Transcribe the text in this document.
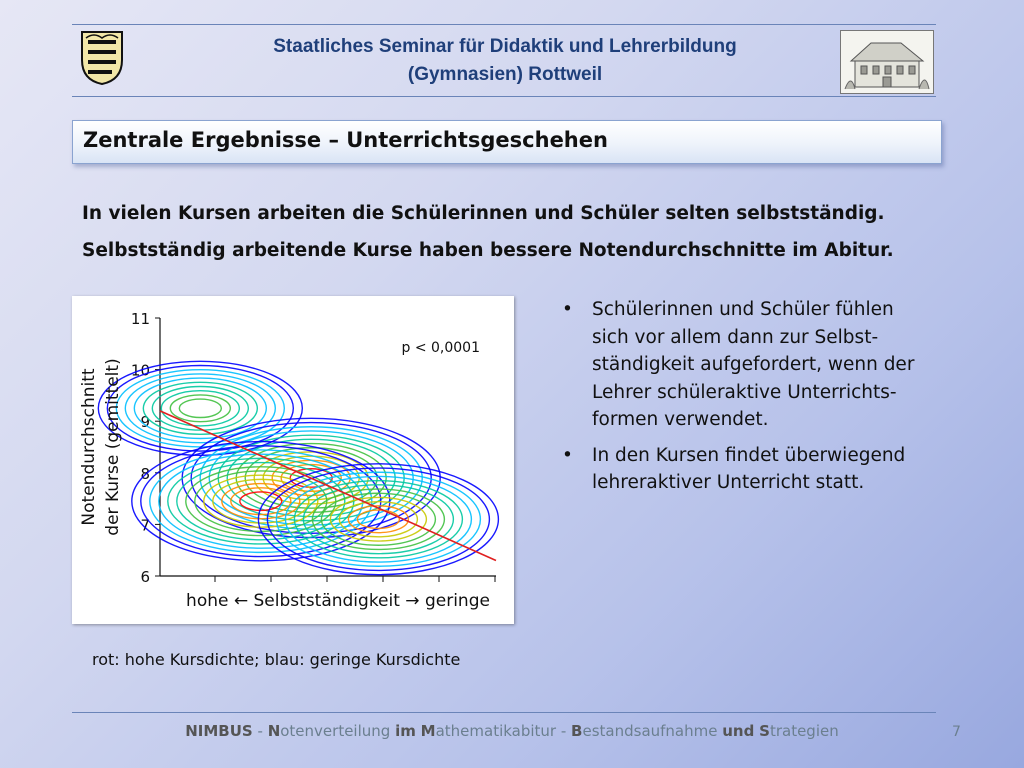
Staatliches Seminar für Didaktik und Lehrerbildung
(Gymnasien) Rottweil
Zentrale Ergebnisse – Unterrichtsgeschehen
In vielen Kursen arbeiten die Schülerinnen und Schüler selten selbstständig.
Selbstständig arbeitende Kurse haben bessere Notendurchschnitte im Abitur.
6
7
8
9
10
11
p < 0,0001
Notendurchschnitt der Kurse (gemittelt)
hohe ← Selbstständigkeit → geringe
rot: hohe Kursdichte; blau: geringe Kursdichte
• Schülerinnen und Schüler fühlen
sich vor allem dann zur Selbst-
ständigkeit aufgefordert, wenn der
Lehrer schüleraktive Unterrichts-
formen verwendet.
• In den Kursen findet überwiegend
lehreraktiver Unterricht statt.
NIMBUS - Notenverteilung im Mathematikabitur - Bestandsaufnahme und Strategien	7
